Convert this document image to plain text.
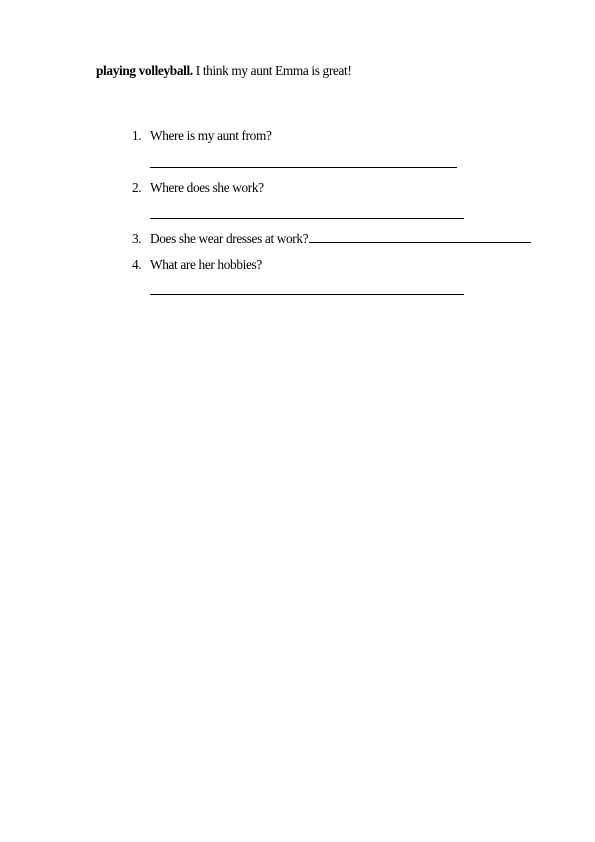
playing volleyball. I think my aunt Emma is great!
1. Where is my aunt from?
2. Where does she work?
3. Does she wear dresses at work?
4. What are her hobbies?
